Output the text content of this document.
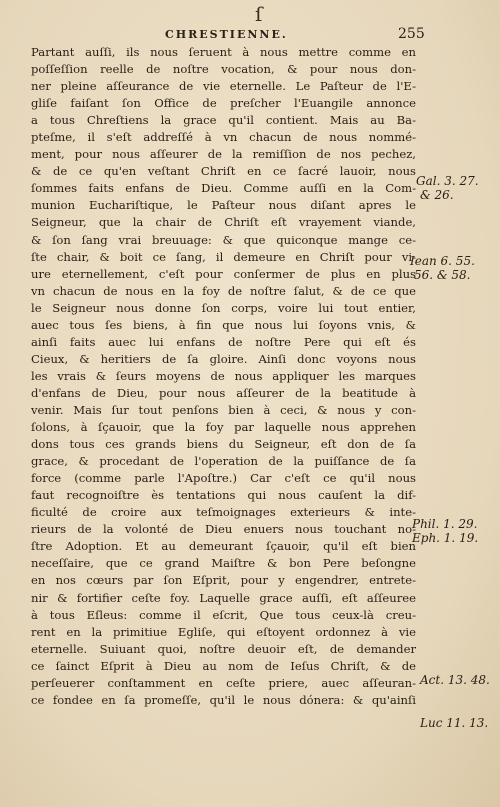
ſ
CHRESTIENNE.	255
Partant auſſi, ils nous ſeruent à nous mettre comme en
poſſeſſion reelle de noſtre vocation, & pour nous don-
ner pleine aſſeurance de vie eternelle. Le Paſteur de l'E-
gliſe faiſant ſon Office de preſcher l'Euangile annonce
a tous Chreſtiens la grace qu'il contient. Mais au Ba-
pteſme, il s'eſt addreſſé à vn chacun de nous nommé-
ment, pour nous aſſeurer de la remiſſion de nos pechez,
& de ce qu'en veſtant Chriſt en ce ſacré lauoir, nous
ſommes faits enfans de Dieu. Comme auſſi en la Com-
munion Euchariſtique, le Paſteur nous diſant apres le
Seigneur, que la chair de Chriſt eſt vrayement viande,
& ſon ſang vrai breuuage: & que quiconque mange ce-
ſte chair, & boit ce ſang, il demeure en Chriſt pour vi-
ure eternellement, c'eſt pour conſermer de plus en plus
vn chacun de nous en la foy de noſtre ſalut, & de ce que
le Seigneur nous donne ſon corps, voire lui tout entier,
auec tous ſes biens, à fin que nous lui ſoyons vnis, &
ainſi faits auec lui enfans de noſtre Pere qui eſt és
Cieux, & heritiers de ſa gloire. Ainſi donc voyons nous
les vrais & ſeurs moyens de nous appliquer les marques
d'enfans de Dieu, pour nous aſſeurer de la beatitude à
venir. Mais ſur tout penſons bien à ceci, & nous y con-
ſolons, à ſçauoir, que la foy par laquelle nous apprehen
dons tous ces grands biens du Seigneur, eſt don de ſa
grace, & procedant de l'operation de la puiſſance de ſa
force (comme parle l'Apoſtre.) Car c'eſt ce qu'il nous
faut recognoiſtre ès tentations qui nous cauſent la dif-
ficulté de croire aux teſmoignages exterieurs & inte-
rieurs de la volonté de Dieu enuers nous touchant no-
ſtre Adoption. Et au demeurant ſçauoir, qu'il eſt bien
neceſſaire, que ce grand Maiſtre & bon Pere beſongne
en nos cœurs par ſon Eſprit, pour y engendrer, entrete-
nir & fortifier ceſte foy. Laquelle grace auſſi, eſt aſſeuree
à tous Eſleus: comme il eſcrit, Que tous ceux-là creu-
rent en la primitiue Egliſe, qui eſtoyent ordonnez à vie
eternelle. Suiuant quoi, noſtre deuoir eſt, de demander
ce ſainct Eſprit à Dieu au nom de Ieſus Chriſt, & de
perſeuerer conſtamment en ceſte priere, auec aſſeuran-
ce fondee en ſa promeſſe, qu'il le nous dónera: & qu'ainſi
Gal. 3. 27.
& 26.
Iean 6. 55.
56. & 58.
Phil. 1. 29.
Eph. 1. 19.
Act. 13. 48.
Luc 11. 13.
